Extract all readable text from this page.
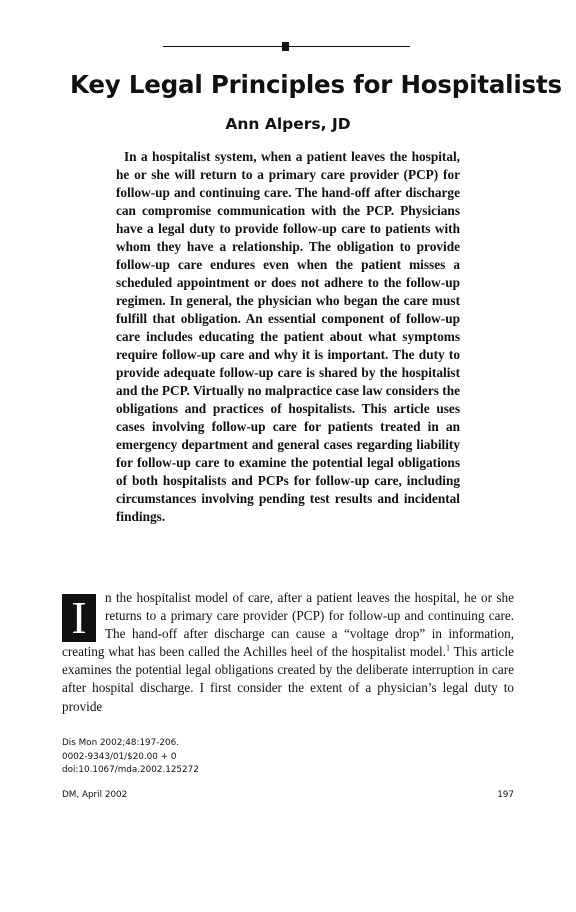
Key Legal Principles for Hospitalists

Ann Alpers, JD

In a hospitalist system, when a patient leaves the hospital, he or she will return to a primary care provider (PCP) for follow-up and continuing care. The hand-off after discharge can compromise communication with the PCP. Physicians have a legal duty to provide follow-up care to patients with whom they have a relationship. The obligation to provide follow-up care endures even when the patient misses a scheduled appointment or does not adhere to the follow-up regimen. In general, the physician who began the care must fulfill that obligation. An essential component of follow-up care includes educating the patient about what symptoms require follow-up care and why it is important. The duty to provide adequate follow-up care is shared by the hospitalist and the PCP. Virtually no malpractice case law considers the obligations and practices of hospitalists. This article uses cases involving follow-up care for patients treated in an emergency department and general cases regarding liability for follow-up care to examine the potential legal obligations of both hospitalists and PCPs for follow-up care, including circumstances involving pending test results and incidental findings.

I	n the hospitalist model of care, after a patient leaves the hospital, he or she returns to a primary care provider (PCP) for follow-up and continuing care. The hand-off after discharge can cause a “voltage drop” in information, creating what has been called the Achilles heel of the hospitalist model.$^1$ This article examines the potential legal obligations created by the deliberate interruption in care after hospital discharge. I first consider the extent of a physician’s legal duty to provide

Dis Mon 2002;48:197-206.
0002-9343/01/$20.00 + 0
doi:10.1067/mda.2002.125272

DM, April 2002	197
